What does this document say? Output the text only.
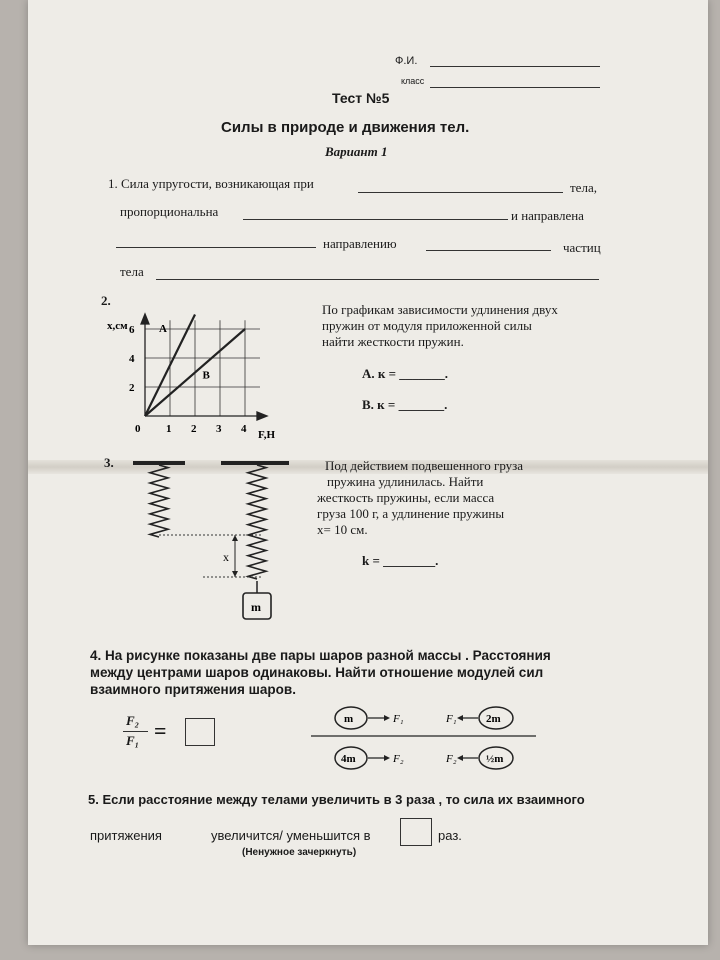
Ф.И.
класс
Тест №5
Силы в природе и движения тел.
Вариант 1
1. Сила упругости, возникающая при	тела,
пропорциональна	и направлена
направлению	частиц
тела
2.
0 1 2 3 4
2
4
6 A
B
x,см
F,H
По графикам зависимости удлинения двух
пружин от модуля приложенной силы
найти жесткости пружин.
A. к = _______.
B. к = _______.
3.
x
m
Под действием подвешенного груза
пружина удлинилась. Найти
жесткость пружины, если масса
груза 100 г, а удлинение пружины
x= 10 см.
k = ________.
4. На рисунке показаны две пары шаров разной массы . Расстояния между центрами шаров одинаковы. Найти отношение модулей сил взаимного притяжения шаров.
F₂
F₁ =	m	F₁	F₁	2m
4m	F₂	F₂	½m
5. Если расстояние между телами увеличить в 3 раза , то сила их взаимного
притяжения	увеличится/ уменьшится в	раз.
(Ненужное зачеркнуть)
